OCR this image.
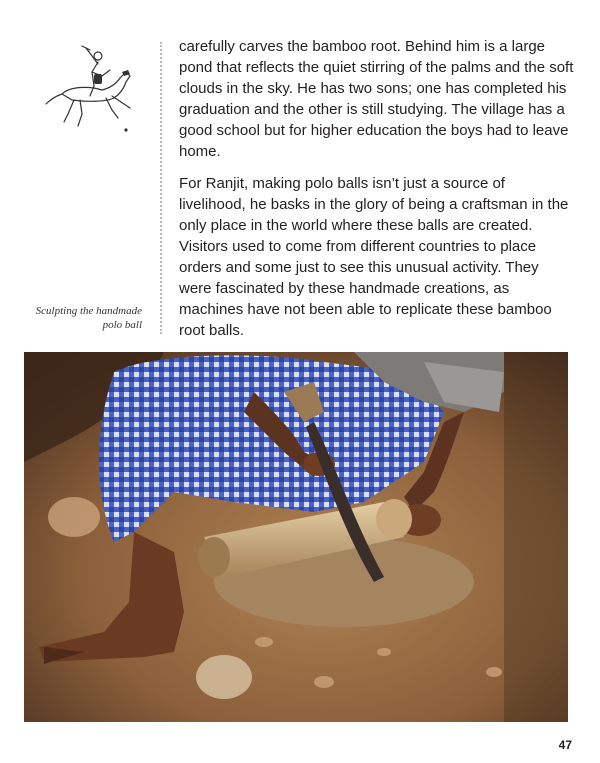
Sculpting the handmade polo ball

carefully carves the bamboo root. Behind him is a large pond that reflects the quiet stirring of the palms and the soft clouds in the sky. He has two sons; one has completed his graduation and the other is still studying. The village has a good school but for higher education the boys had to leave home.

For Ranjit, making polo balls isn’t just a source of livelihood, he basks in the glory of being a craftsman in the only place in the world where these balls are created. Visitors used to come from different countries to place orders and some just to see this unusual activity. They were fascinated by these handmade creations, as machines have not been able to replicate these bamboo root balls.

47
